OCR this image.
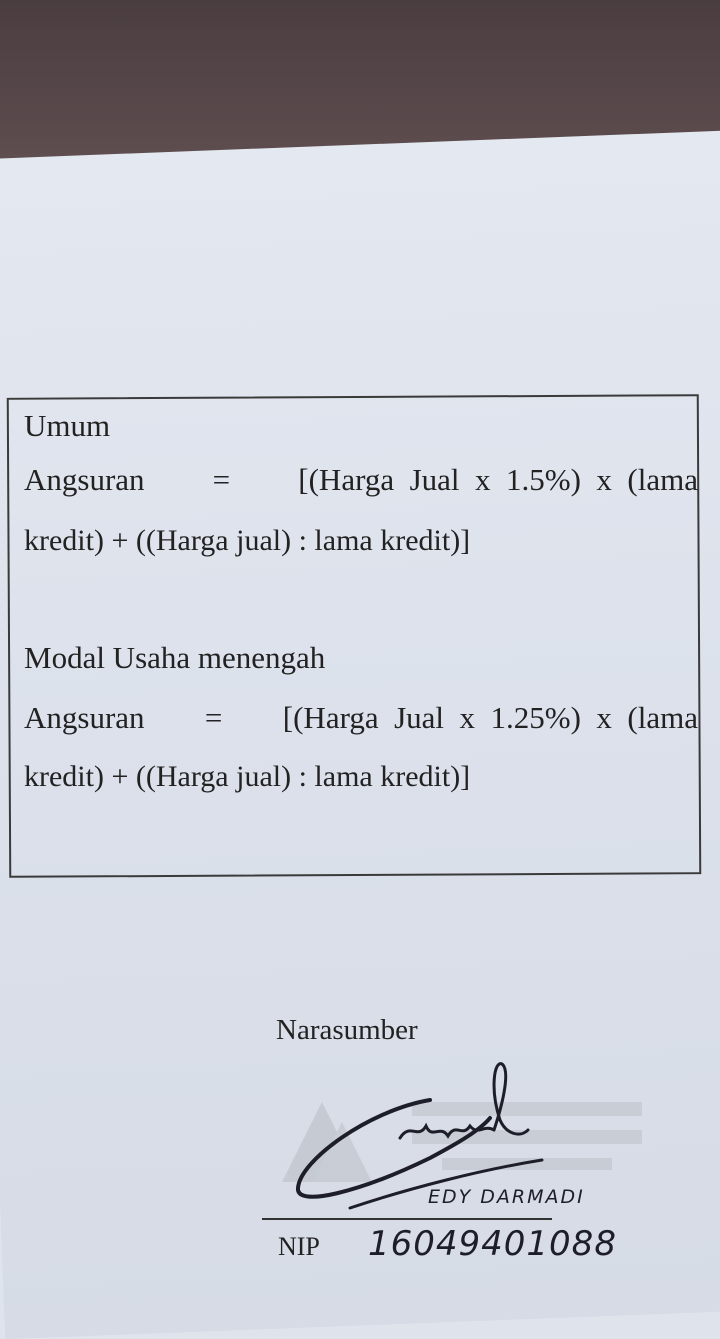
Umum
Angsuran = [(Harga  Jual  x  1.5%)  x  (lama
kredit) + ((Harga jual) : lama kredit)]
Modal Usaha menengah
Angsuran = [(Harga  Jual  x  1.25%)  x  (lama
kredit) + ((Harga jual) : lama kredit)]
Narasumber
EDY DARMADI
NIP 16049401088
